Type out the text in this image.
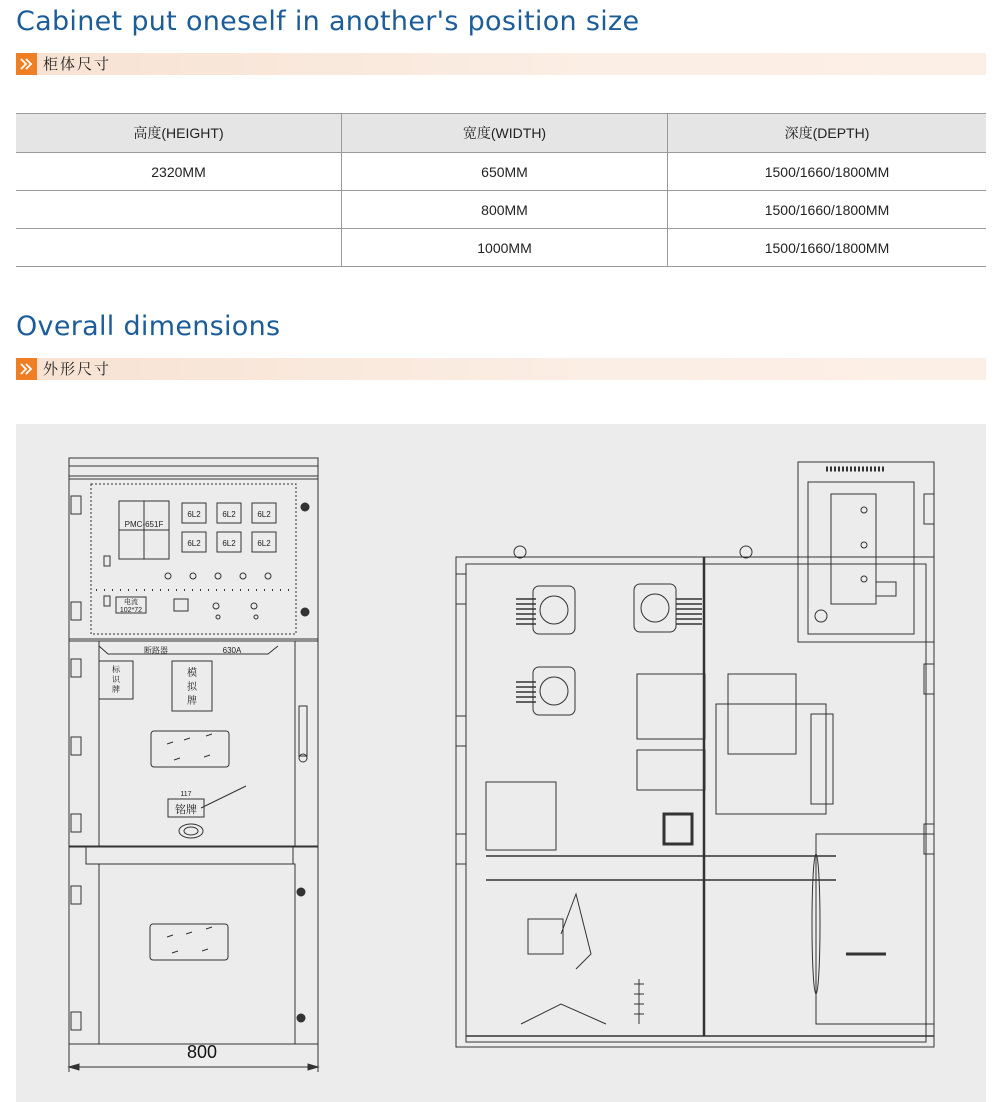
Cabinet put oneself in another's position size
柜体尺寸
高度(HEIGHT)	宽度(WIDTH)	深度(DEPTH)
2320MM	650MM	1500/1660/1800MM
	800MM	1500/1660/1800MM
	1000MM	1500/1660/1800MM
Overall dimensions
外形尺寸
PMC-651F
6L2	6L2	6L2
6L2	6L2	6L2
电流
102*72
断路器	630A
标
识
牌
模
拟
牌
117
铭牌
800
